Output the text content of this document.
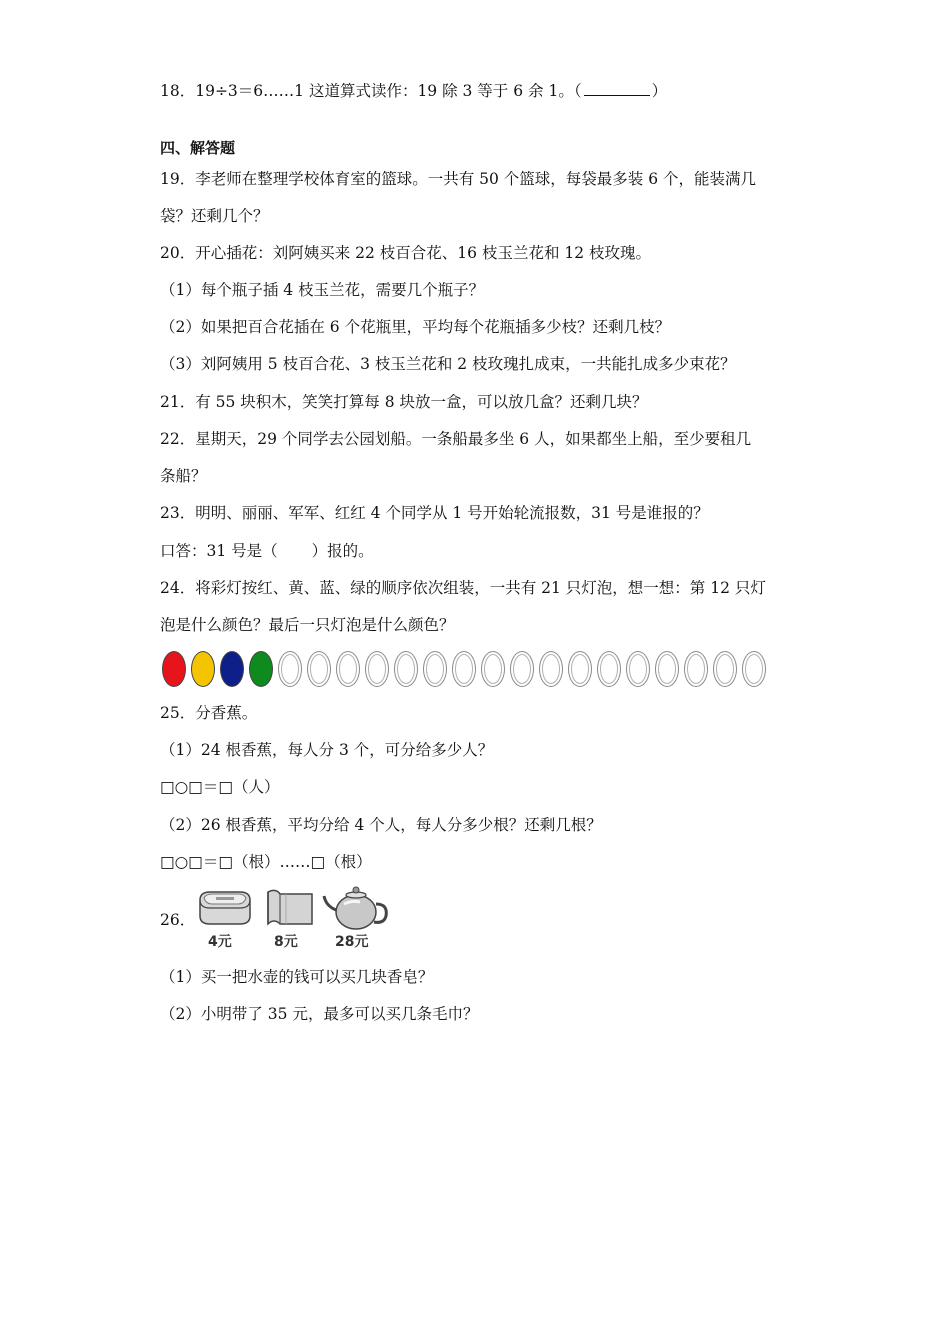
18．19÷3＝6……1 这道算式读作：19 除 3 等于 6 余 1。（	）
四、解答题
19．李老师在整理学校体育室的篮球。一共有 50 个篮球，每袋最多装 6 个，能装满几
袋？还剩几个？
20．开心插花：刘阿姨买来 22 枝百合花、16 枝玉兰花和 12 枝玫瑰。
（1）每个瓶子插 4 枝玉兰花，需要几个瓶子？
（2）如果把百合花插在 6 个花瓶里，平均每个花瓶插多少枝？还剩几枝？
（3）刘阿姨用 5 枝百合花、3 枝玉兰花和 2 枝玫瑰扎成束，一共能扎成多少束花？
21．有 55 块积木，笑笑打算每 8 块放一盒，可以放几盒？还剩几块？
22．星期天，29 个同学去公园划船。一条船最多坐 6 人，如果都坐上船，至少要租几
条船？
23．明明、丽丽、军军、红红 4 个同学从 1 号开始轮流报数，31 号是谁报的？
口答：31 号是（ ）报的。
24．将彩灯按红、黄、蓝、绿的顺序依次组装，一共有 21 只灯泡，想一想：第 12 只灯
泡是什么颜色？最后一只灯泡是什么颜色？
25．分香蕉。
（1）24 根香蕉，每人分 3 个，可分给多少人？
□○□＝□（人）
（2）26 根香蕉，平均分给 4 个人，每人分多少根？还剩几根？
□○□＝□（根）……□（根）
26．
4元	8元	28元
（1）买一把水壶的钱可以买几块香皂？
（2）小明带了 35 元，最多可以买几条毛巾？
